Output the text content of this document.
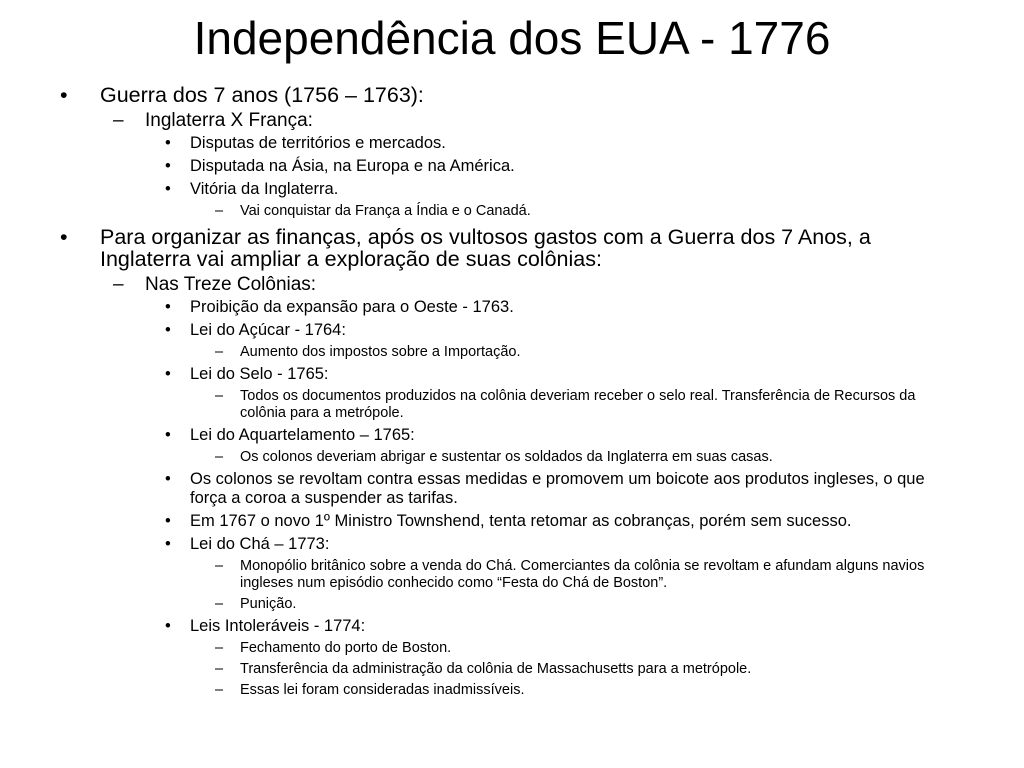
Independência dos EUA - 1776

• Guerra dos 7 anos (1756 – 1763):

– Inglaterra X França:

• Disputas de territórios e mercados.

• Disputada na Ásia, na Europa e na América.

• Vitória da Inglaterra.

– Vai conquistar da França a Índia e o Canadá.

• Para organizar as finanças, após os vultosos gastos com a Guerra dos 7 Anos, a Inglaterra vai ampliar a exploração de suas colônias:

– Nas Treze Colônias:

• Proibição da expansão para o Oeste - 1763.

• Lei do Açúcar - 1764:

– Aumento dos impostos sobre a Importação.

• Lei do Selo - 1765:

– Todos os documentos produzidos na colônia deveriam receber o selo real. Transferência de Recursos da colônia para a metrópole.

• Lei do Aquartelamento – 1765:

– Os colonos deveriam abrigar e sustentar os soldados da Inglaterra em suas casas.

• Os colonos se revoltam contra essas medidas e promovem um boicote aos produtos ingleses, o que força a coroa a suspender as tarifas.

• Em 1767 o novo 1º Ministro Townshend, tenta retomar as cobranças, porém sem sucesso.

• Lei do Chá – 1773:

– Monopólio britânico sobre a venda do Chá. Comerciantes da colônia se revoltam e afundam alguns navios ingleses num episódio conhecido como “Festa do Chá de Boston”.

– Punição.

• Leis Intoleráveis - 1774:

– Fechamento do porto de Boston.

– Transferência da administração da colônia de Massachusetts para a metrópole.

– Essas lei foram consideradas inadmissíveis.
